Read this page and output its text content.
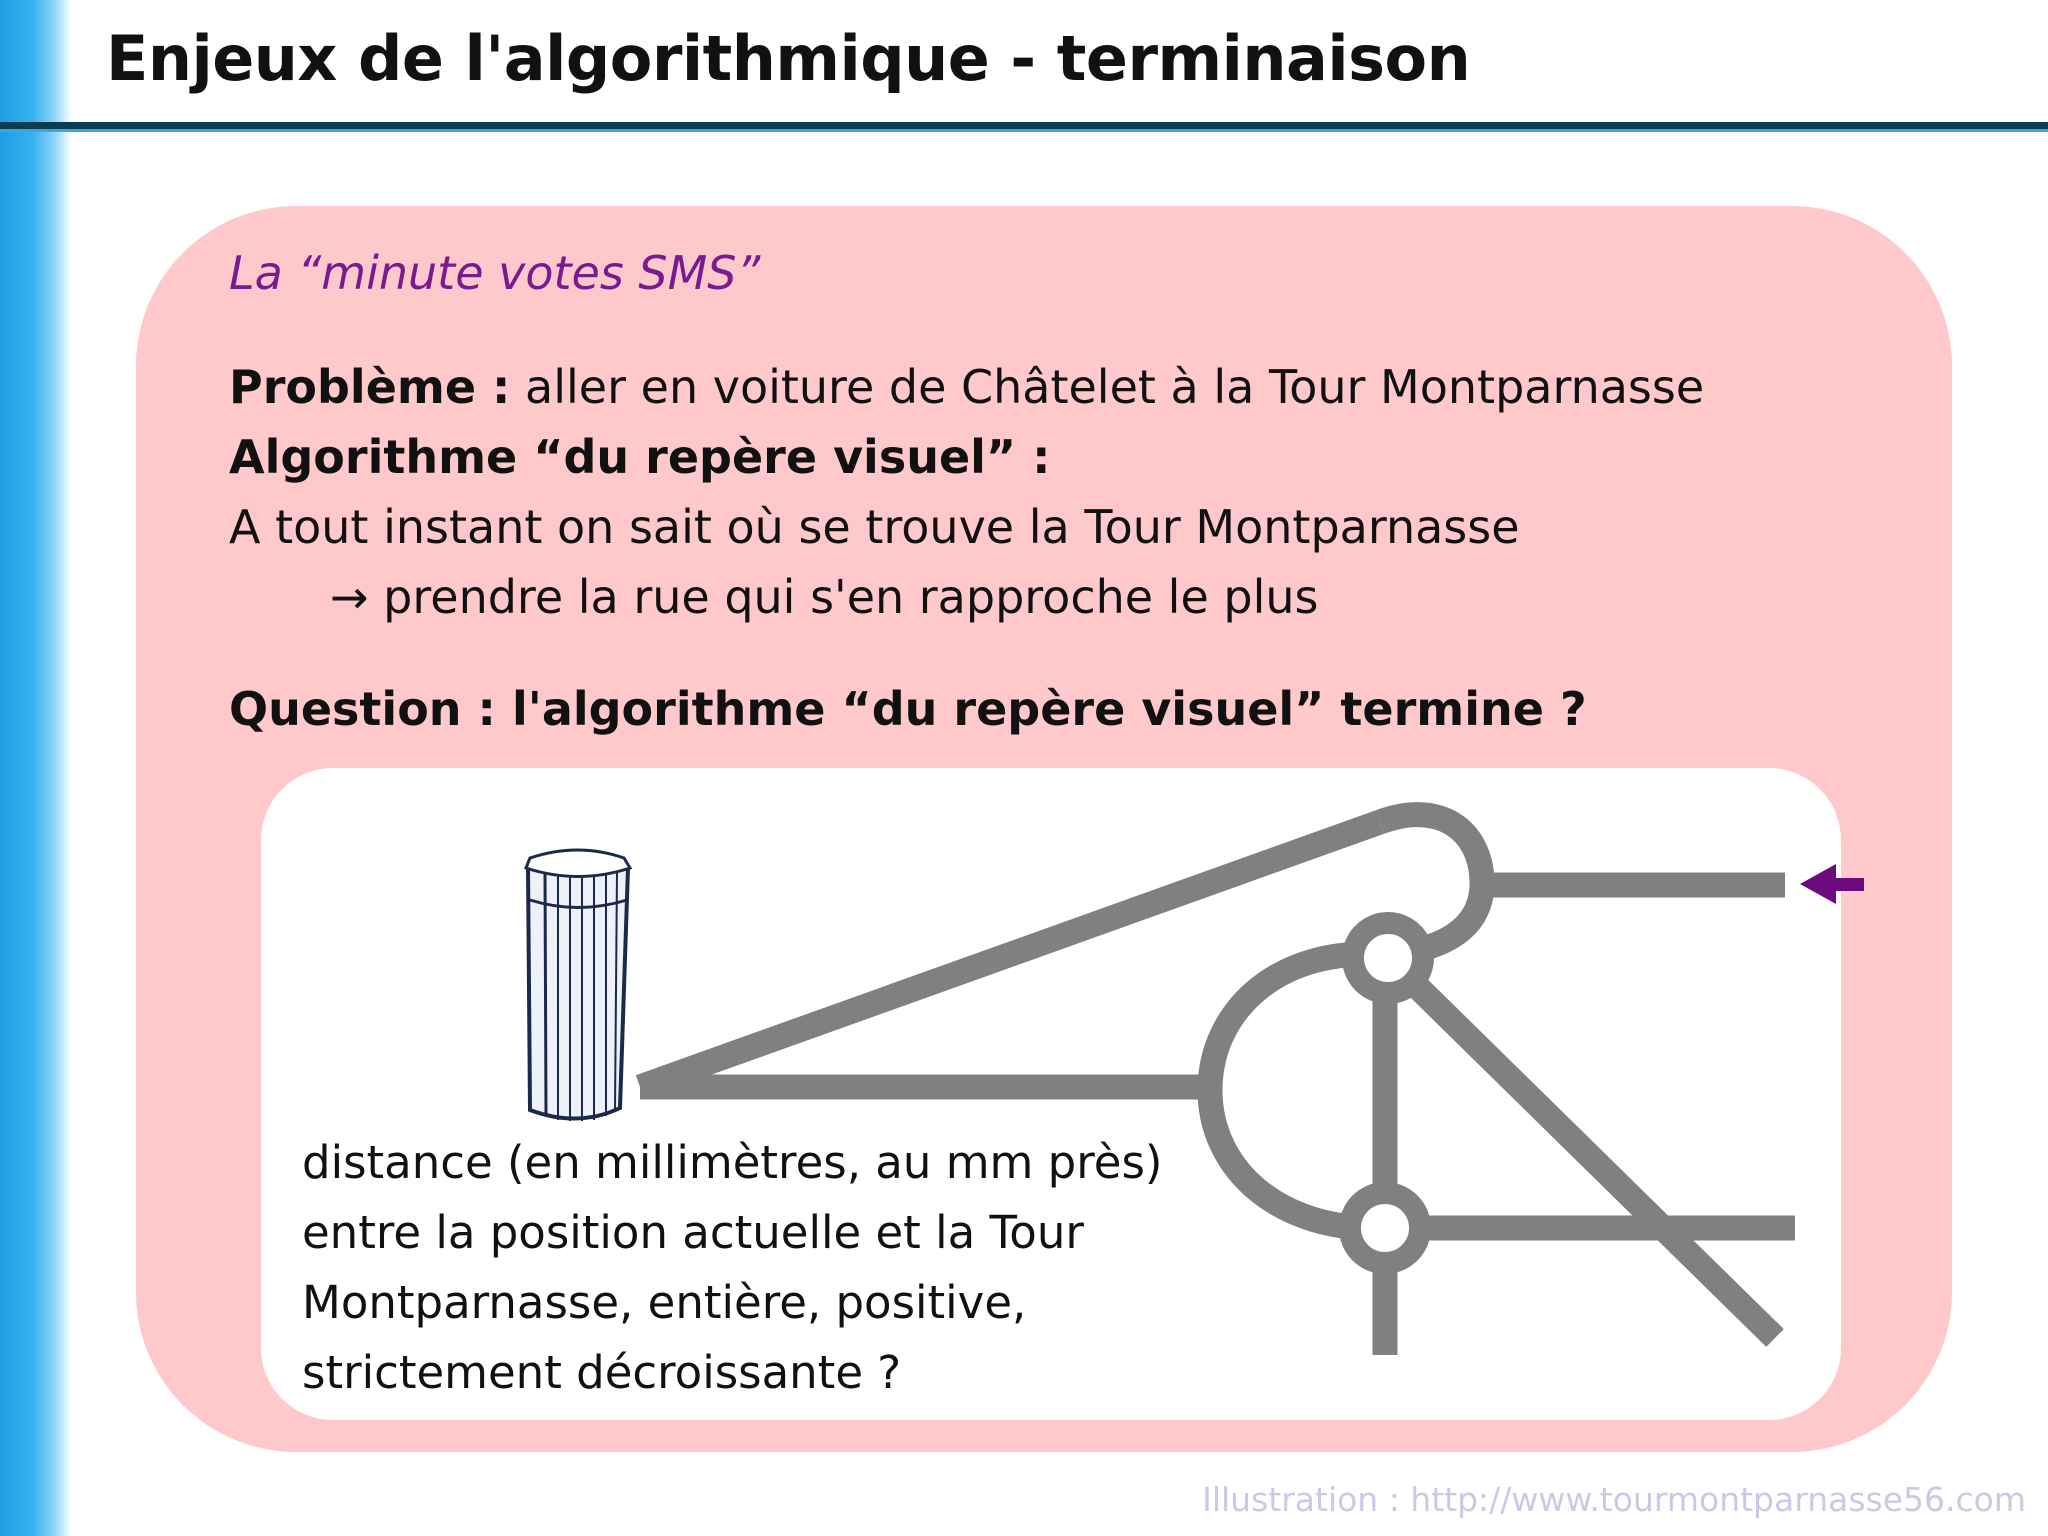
Enjeux de l'algorithmique - terminaison

La “minute votes SMS”

Problème : aller en voiture de Châtelet à la Tour Montparnasse
Algorithme “du repère visuel” :
A tout instant on sait où se trouve la Tour Montparnasse
→ prendre la rue qui s'en rapproche le plus
Question : l'algorithme “du repère visuel” termine ?
distance (en millimètres, au mm près)
entre la position actuelle et la Tour
Montparnasse, entière, positive,
strictement décroissante ?
Illustration : http://www.tourmontparnasse56.com
